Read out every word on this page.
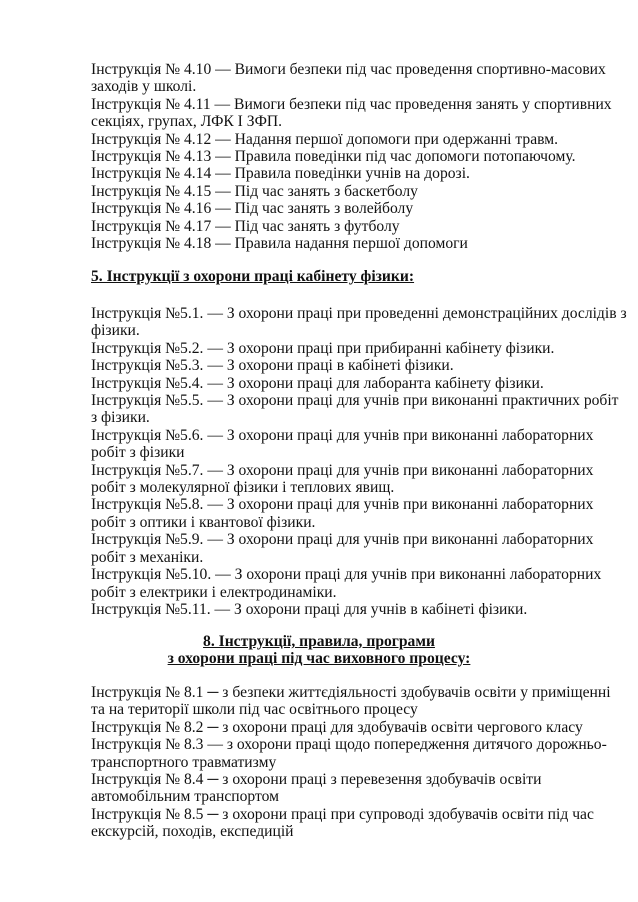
Інструкція № 4.10 — Вимоги безпеки під час проведення спортивно-масових
заходів у школі.
Інструкція № 4.11 — Вимоги безпеки під час проведення занять у спортивних
секціях, групах, ЛФК І ЗФП.
Інструкція № 4.12 — Надання першої допомоги при одержанні травм.
Інструкція № 4.13 — Правила поведінки під час допомоги потопаючому.
Інструкція № 4.14 — Правила поведінки учнів на дорозі.
Інструкція № 4.15 — Під час занять з баскетболу
Інструкція № 4.16 — Під час занять з волейболу
Інструкція № 4.17 — Під час занять з футболу
Інструкція № 4.18 — Правила надання першої допомоги
5. Інструкції з охорони праці кабінету фізики:
Інструкція №5.1. — З охорони праці при проведенні демонстраційних дослідів з
фізики.
Інструкція №5.2. — З охорони праці при прибиранні кабінету фізики.
Інструкція №5.3. — З охорони праці в кабінеті фізики.
Інструкція №5.4. — З охорони праці для лаборанта кабінету фізики.
Інструкція №5.5. — З охорони праці для учнів при виконанні практичних робіт
з фізики.
Інструкція №5.6. — З охорони праці для учнів при виконанні лабораторних
робіт з фізики
Інструкція №5.7. — З охорони праці для учнів при виконанні лабораторних
робіт з молекулярної фізики і теплових явищ.
Інструкція №5.8. — З охорони праці для учнів при виконанні лабораторних
робіт з оптики і квантової фізики.
Інструкція №5.9. — З охорони праці для учнів при виконанні лабораторних
робіт з механіки.
Інструкція №5.10. — З охорони праці для учнів при виконанні лабораторних
робіт з електрики і електродинаміки.
Інструкція №5.11. — З охорони праці для учнів в кабінеті фізики.
8. Інструкції, правила, програми
з охорони праці під час виховного процесу:
Інструкція № 8.1 ─ з безпеки життєдіяльності здобувачів освіти у приміщенні
та на території школи під час освітнього процесу
Інструкція № 8.2 ─ з охорони праці для здобувачів освіти чергового класу
Інструкція № 8.3 — з охорони праці щодо попередження дитячого дорожньо-
транспортного травматизму
Інструкція № 8.4 ─ з охорони праці з перевезення здобувачів освіти
автомобільним транспортом
Інструкція № 8.5 ─ з охорони праці при супроводі здобувачів освіти під час
екскурсій, походів, експедицій
